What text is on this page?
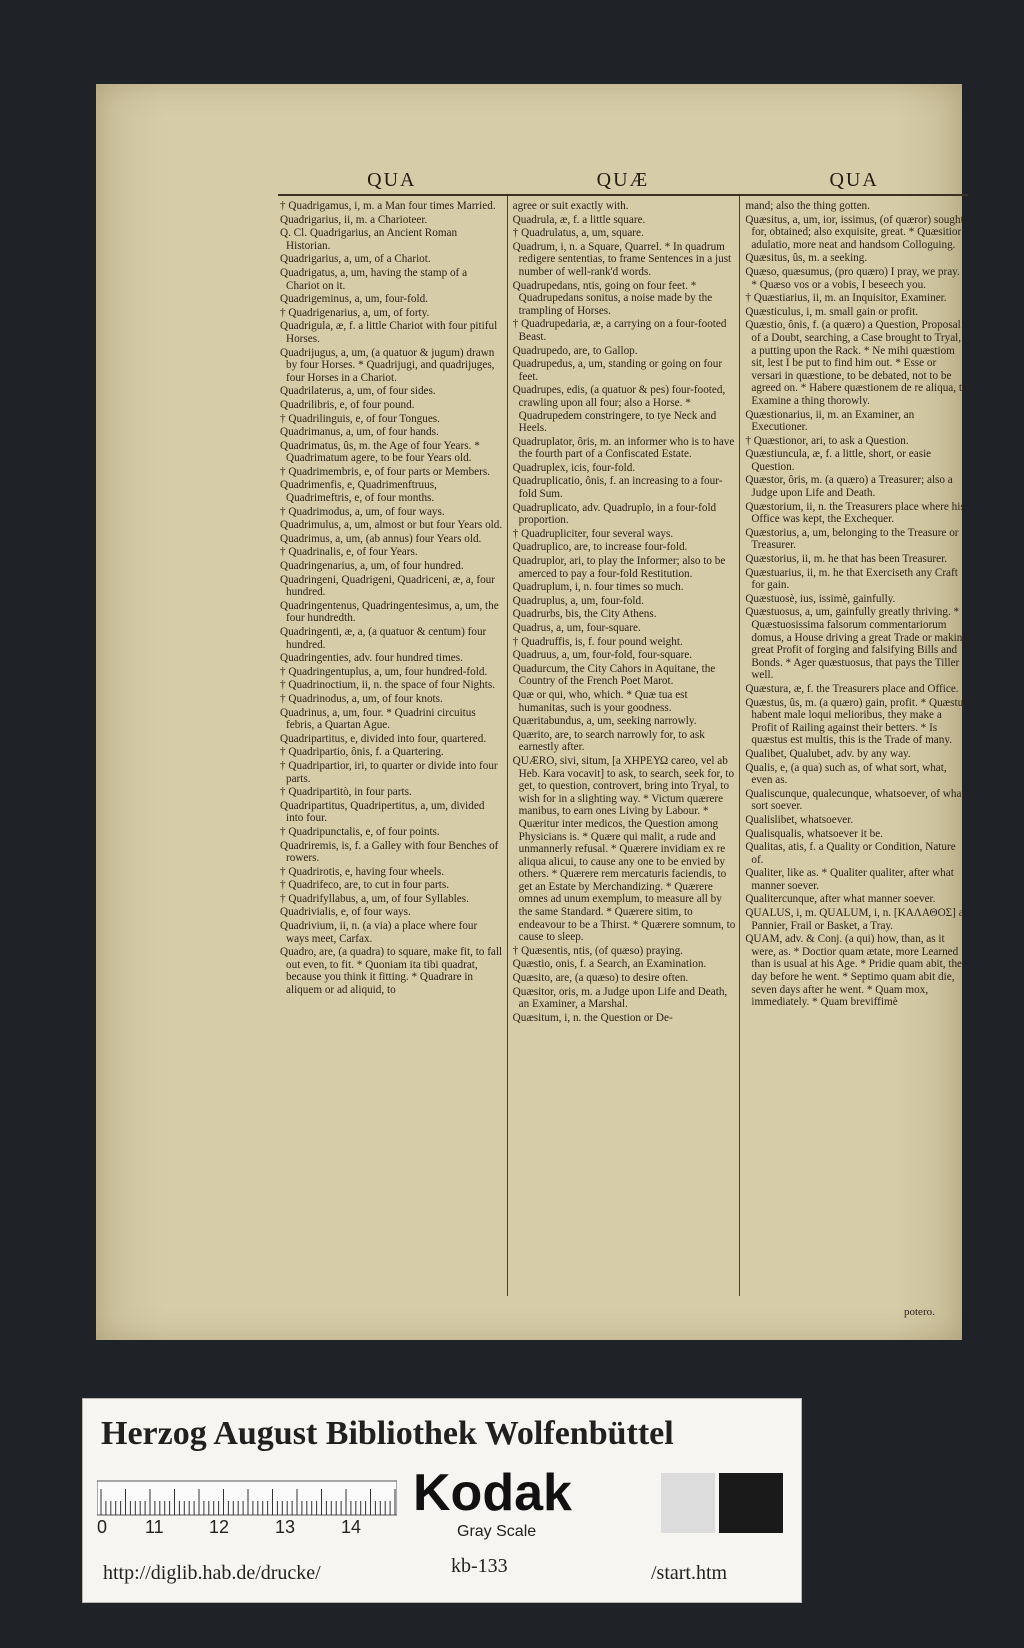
QUA	QUÆ	QUA
† Quadrigamus, i, m. a Man four times Married.
Quadrigarius, ii, m. a Charioteer.
Q. Cl. Quadrigarius, an Ancient Roman Historian.
Quadrigarius, a, um, of a Chariot.
Quadrigatus, a, um, having the stamp of a Chariot on it.
Quadrigeminus, a, um, four-fold.
† Quadrigenarius, a, um, of forty.
Quadrigula, æ, f. a little Chariot with four pitiful Horses.
Quadrijugus, a, um, (a quatuor & jugum) drawn by four Horses. * Quadrijugi, and quadrijuges, four Horses in a Chariot.
Quadrilaterus, a, um, of four sides.
Quadrilibris, e, of four pound.
† Quadrilinguis, e, of four Tongues.
Quadrimanus, a, um, of four hands.
Quadrimatus, ûs, m. the Age of four Years. * Quadrimatum agere, to be four Years old.
† Quadrimembris, e, of four parts or Members.
Quadrimenfis, e, Quadrimenftruus, Quadrimeftris, e, of four months.
† Quadrimodus, a, um, of four ways.
Quadrimulus, a, um, almost or but four Years old.
Quadrimus, a, um, (ab annus) four Years old.
† Quadrinalis, e, of four Years.
Quadringenarius, a, um, of four hundred.
Quadringeni, Quadrigeni, Quadriceni, æ, a, four hundred.
Quadringentenus, Quadringentesimus, a, um, the four hundredth.
Quadringenti, æ, a, (a quatuor & centum) four hundred.
Quadringenties, adv. four hundred times.
† Quadringentuplus, a, um, four hundred-fold.
† Quadrinoctium, ii, n. the space of four Nights.
† Quadrinodus, a, um, of four knots.
Quadrinus, a, um, four. * Quadrini circuitus febris, a Quartan Ague.
Quadripartitus, e, divided into four, quartered.
† Quadripartio, ônis, f. a Quartering.
† Quadripartior, iri, to quarter or divide into four parts.
† Quadripartitò, in four parts.
Quadripartitus, Quadripertitus, a, um, divided into four.
† Quadripunctalis, e, of four points.
Quadriremis, is, f. a Galley with four Benches of rowers.
† Quadrirotis, e, having four wheels.
† Quadrifeco, are, to cut in four parts.
† Quadrifyllabus, a, um, of four Syllables.
Quadrivialis, e, of four ways.
Quadrivium, ii, n. (a via) a place where four ways meet, Carfax.
Quadro, are, (a quadra) to square, make fit, to fall out even, to fit. * Quoniam ita tibi quadrat, because you think it fitting. * Quadrare in aliquem or ad aliquid, to
agree or suit exactly with.
Quadrula, æ, f. a little square.
† Quadrulatus, a, um, square.
Quadrum, i, n. a Square, Quarrel. * In quadrum redigere sententias, to frame Sentences in a just number of well-rank'd words.
Quadrupedans, ntis, going on four feet. * Quadrupedans sonitus, a noise made by the trampling of Horses.
† Quadrupedaria, æ, a carrying on a four-footed Beast.
Quadrupedo, are, to Gallop.
Quadrupedus, a, um, standing or going on four feet.
Quadrupes, edis, (a quatuor & pes) four-footed, crawling upon all four; also a Horse. * Quadrupedem constringere, to tye Neck and Heels.
Quadruplator, ôris, m. an informer who is to have the fourth part of a Confiscated Estate.
Quadruplex, icis, four-fold.
Quadruplicatio, ônis, f. an increasing to a four-fold Sum.
Quadruplicato, adv. Quadruplo, in a four-fold proportion.
† Quadrupliciter, four several ways.
Quadruplico, are, to increase four-fold.
Quadruplor, ari, to play the Informer; also to be amerced to pay a four-fold Restitution.
Quadruplum, i, n. four times so much.
Quadruplus, a, um, four-fold.
Quadrurbs, bis, the City Athens.
Quadrus, a, um, four-square.
† Quadruffis, is, f. four pound weight.
Quadruus, a, um, four-fold, four-square.
Quadurcum, the City Cahors in Aquitane, the Country of the French Poet Marot.
Quæ or qui, who, which. * Quæ tua est humanitas, such is your goodness.
Quæritabundus, a, um, seeking narrowly.
Quærito, are, to search narrowly for, to ask earnestly after.
QUÆRO, sivi, situm, [a ΧΗΡΕΥΩ careo, vel ab Heb. Kara vocavit] to ask, to search, seek for, to get, to question, controvert, bring into Tryal, to wish for in a slighting way. * Victum quærere manibus, to earn ones Living by Labour. * Quæritur inter medicos, the Question among Physicians is. * Quære qui malit, a rude and unmannerly refusal. * Quærere invidiam ex re aliqua alicui, to cause any one to be envied by others. * Quærere rem mercaturis faciendis, to get an Estate by Merchandizing. * Quærere omnes ad unum exemplum, to measure all by the same Standard. * Quærere sitim, to endeavour to be a Thirst. * Quærere somnum, to cause to sleep.
† Quæsentis, ntis, (of quæso) praying.
Quæstio, onis, f. a Search, an Examination.
Quæsito, are, (a quæso) to desire often.
Quæsitor, oris, m. a Judge upon Life and Death, an Examiner, a Marshal.
Quæsitum, i, n. the Question or De-
mand; also the thing gotten.
Quæsitus, a, um, ior, issimus, (of quæror) sought for, obtained; also exquisite, great. * Quæsitior adulatio, more neat and handsom Colloguing.
Quæsitus, ûs, m. a seeking.
Quæso, quæsumus, (pro quæro) I pray, we pray. * Quæso vos or a vobis, I beseech you.
† Quæstiarius, ii, m. an Inquisitor, Examiner.
Quæsticulus, i, m. small gain or profit.
Quæstio, ônis, f. (a quæro) a Question, Proposal of a Doubt, searching, a Case brought to Tryal, a putting upon the Rack. * Ne mihi quæstiom sit, lest I be put to find him out. * Esse or versari in quæstione, to be debated, not to be agreed on. * Habere quæstionem de re aliqua, to Examine a thing thorowly.
Quæstionarius, ii, m. an Examiner, an Executioner.
† Quæstionor, ari, to ask a Question.
Quæstiuncula, æ, f. a little, short, or easie Question.
Quæstor, ôris, m. (a quæro) a Treasurer; also a Judge upon Life and Death.
Quæstorium, ii, n. the Treasurers place where his Office was kept, the Exchequer.
Quæstorius, a, um, belonging to the Treasure or Treasurer.
Quæstorius, ii, m. he that has been Treasurer.
Quæstuarius, ii, m. he that Exerciseth any Craft for gain.
Quæstuosè, ius, issimè, gainfully.
Quæstuosus, a, um, gainfully greatly thriving. * Quæstuosissima falsorum commentariorum domus, a House driving a great Trade or making great Profit of forging and falsifying Bills and Bonds. * Ager quæstuosus, that pays the Tiller well.
Quæstura, æ, f. the Treasurers place and Office.
Quæstus, ûs, m. (a quæro) gain, profit. * Quæstui habent male loqui melioribus, they make a Profit of Railing against their betters. * Is quæstus est multis, this is the Trade of many.
Qualibet, Qualubet, adv. by any way.
Qualis, e, (a qua) such as, of what sort, what, even as.
Qualiscunque, qualecunque, whatsoever, of what sort soever.
Qualislibet, whatsoever.
Qualisqualis, whatsoever it be.
Qualitas, atis, f. a Quality or Condition, Nature of.
Qualiter, like as. * Qualiter qualiter, after what manner soever.
Qualitercunque, after what manner soever.
QUALUS, i, m. QUALUM, i, n. [ΚΑΛΑΘΟΣ] a Pannier, Frail or Basket, a Tray.
QUAM, adv. & Conj. (a qui) how, than, as it were, as. * Doctior quam ætate, more Learned than is usual at his Age. * Pridie quam abit, the day before he went. * Septimo quam abit die, seven days after he went. * Quam mox, immediately. * Quam breviffimè
potero.
Herzog August Bibliothek Wolfenbüttel
0 11	12	13	14
Kodak
Gray Scale
http://diglib.hab.de/drucke/	kb-133	/start.htm
